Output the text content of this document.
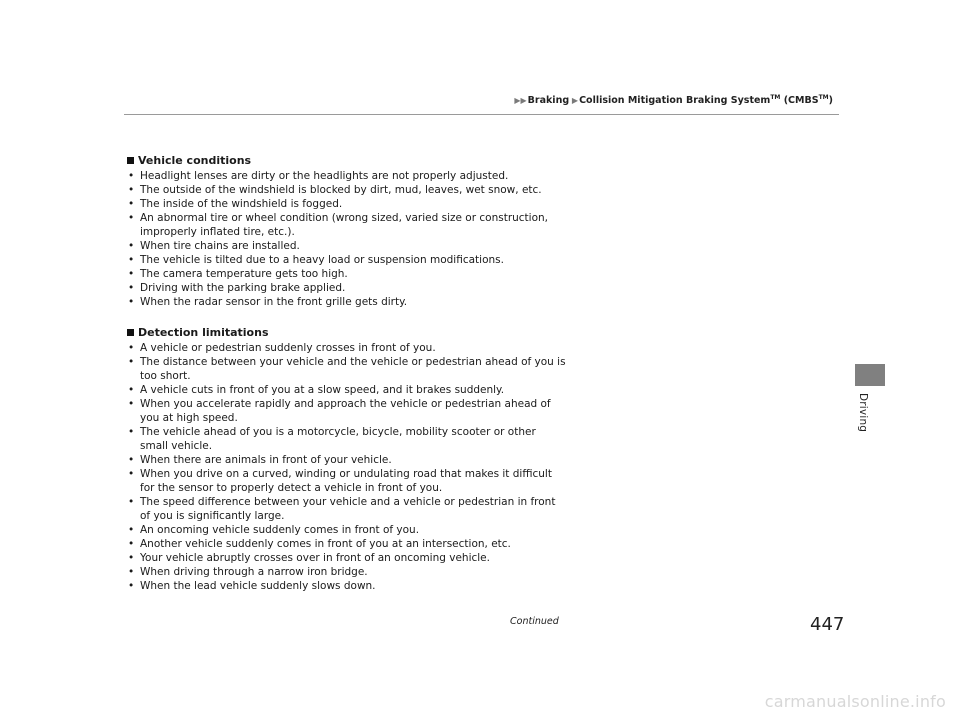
▶▶Braking ▶Collision Mitigation Braking System™ (CMBS™)
Driving

Vehicle conditions

• Headlight lenses are dirty or the headlights are not properly adjusted.
• The outside of the windshield is blocked by dirt, mud, leaves, wet snow, etc.
• The inside of the windshield is fogged.
• An abnormal tire or wheel condition (wrong sized, varied size or construction, improperly inflated tire, etc.).
• When tire chains are installed.
• The vehicle is tilted due to a heavy load or suspension modifications.
• The camera temperature gets too high.
• Driving with the parking brake applied.
• When the radar sensor in the front grille gets dirty.

Detection limitations

• A vehicle or pedestrian suddenly crosses in front of you.
• The distance between your vehicle and the vehicle or pedestrian ahead of you is too short.
• A vehicle cuts in front of you at a slow speed, and it brakes suddenly.
• When you accelerate rapidly and approach the vehicle or pedestrian ahead of you at high speed.
• The vehicle ahead of you is a motorcycle, bicycle, mobility scooter or other small vehicle.
• When there are animals in front of your vehicle.
• When you drive on a curved, winding or undulating road that makes it difficult for the sensor to properly detect a vehicle in front of you.
• The speed difference between your vehicle and a vehicle or pedestrian in front of you is significantly large.
• An oncoming vehicle suddenly comes in front of you.
• Another vehicle suddenly comes in front of you at an intersection, etc.
• Your vehicle abruptly crosses over in front of an oncoming vehicle.
• When driving through a narrow iron bridge.
• When the lead vehicle suddenly slows down.
Continued	447
carmanualsonline.info
